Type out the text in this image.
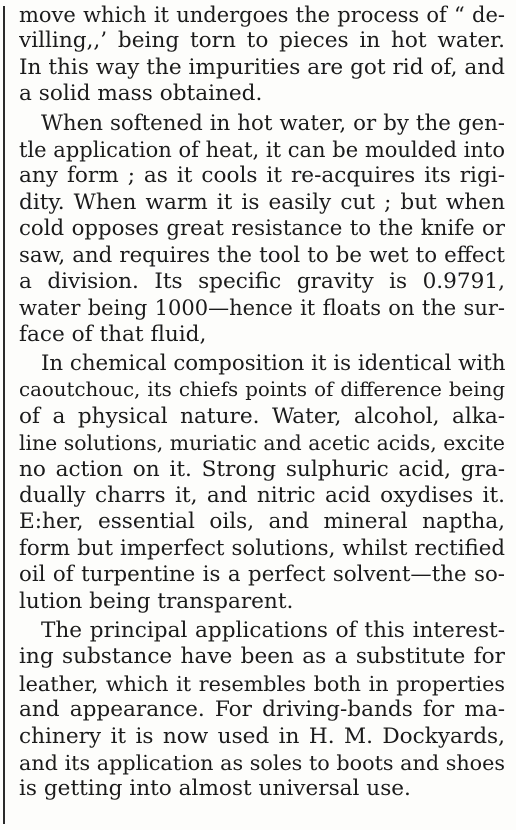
move which it undergoes the process of “ de-
villing,,’ being torn to pieces in hot water.
In this way the impurities are got rid of, and
a solid mass obtained.
When softened in hot water, or by the gen-
tle application of heat, it can be moulded into
any form ; as it cools it re-acquires its rigi-
dity. When warm it is easily cut ; but when
cold opposes great resistance to the knife or
saw, and requires the tool to be wet to effect
a division. Its specific gravity is 0.9791,
water being 1000—hence it floats on the sur-
face of that fluid,
In chemical composition it is identical with
caoutchouc, its chiefs points of difference being
of a physical nature. Water, alcohol, alka-
line solutions, muriatic and acetic acids, excite
no action on it. Strong sulphuric acid, gra-
dually charrs it, and nitric acid oxydises it.
E:her, essential oils, and mineral naptha,
form but imperfect solutions, whilst rectified
oil of turpentine is a perfect solvent—the so-
lution being transparent.
The principal applications of this interest-
ing substance have been as a substitute for
leather, which it resembles both in properties
and appearance. For driving-bands for ma-
chinery it is now used in H. M. Dockyards,
and its application as soles to boots and shoes
is getting into almost universal use.
